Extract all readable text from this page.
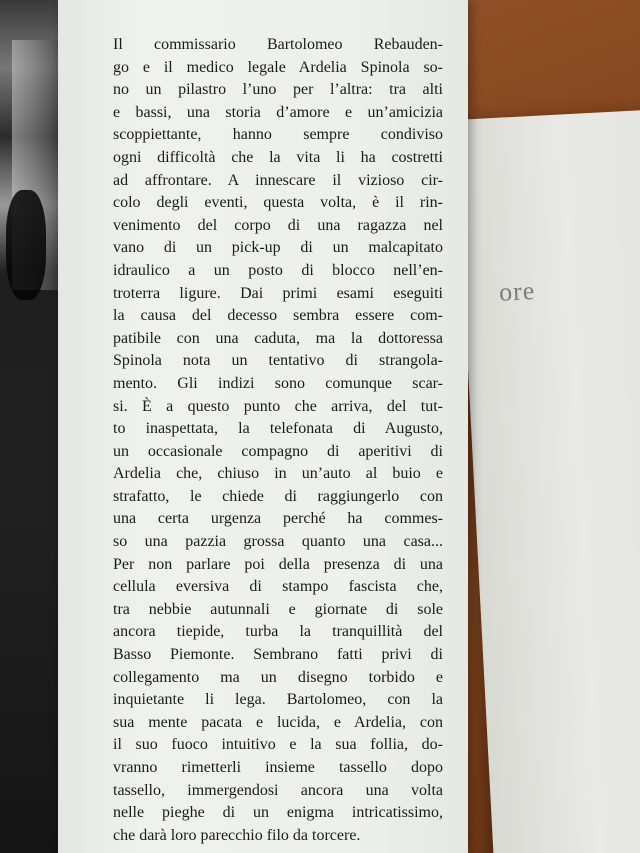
ore

Il commissario Bartolomeo Rebauden-
go e il medico legale Ardelia Spinola so-
no un pilastro l’uno per l’altra: tra alti
e bassi, una storia d’amore e un’amicizia
scoppiettante, hanno sempre condiviso
ogni difficoltà che la vita li ha costretti
ad affrontare. A innescare il vizioso cir-
colo degli eventi, questa volta, è il rin-
venimento del corpo di una ragazza nel
vano di un pick-up di un malcapitato
idraulico a un posto di blocco nell’en-
troterra ligure. Dai primi esami eseguiti
la causa del decesso sembra essere com-
patibile con una caduta, ma la dottoressa
Spinola nota un tentativo di strangola-
mento. Gli indizi sono comunque scar-
si. È a questo punto che arriva, del tut-
to inaspettata, la telefonata di Augusto,
un occasionale compagno di aperitivi di
Ardelia che, chiuso in un’auto al buio e
strafatto, le chiede di raggiungerlo con
una certa urgenza perché ha commes-
so una pazzia grossa quanto una casa...
Per non parlare poi della presenza di una
cellula eversiva di stampo fascista che,
tra nebbie autunnali e giornate di sole
ancora tiepide, turba la tranquillità del
Basso Piemonte. Sembrano fatti privi di
collegamento ma un disegno torbido e
inquietante li lega. Bartolomeo, con la
sua mente pacata e lucida, e Ardelia, con
il suo fuoco intuitivo e la sua follia, do-
vranno rimetterli insieme tassello dopo
tassello, immergendosi ancora una volta
nelle pieghe di un enigma intricatissimo,
che darà loro parecchio filo da torcere.
